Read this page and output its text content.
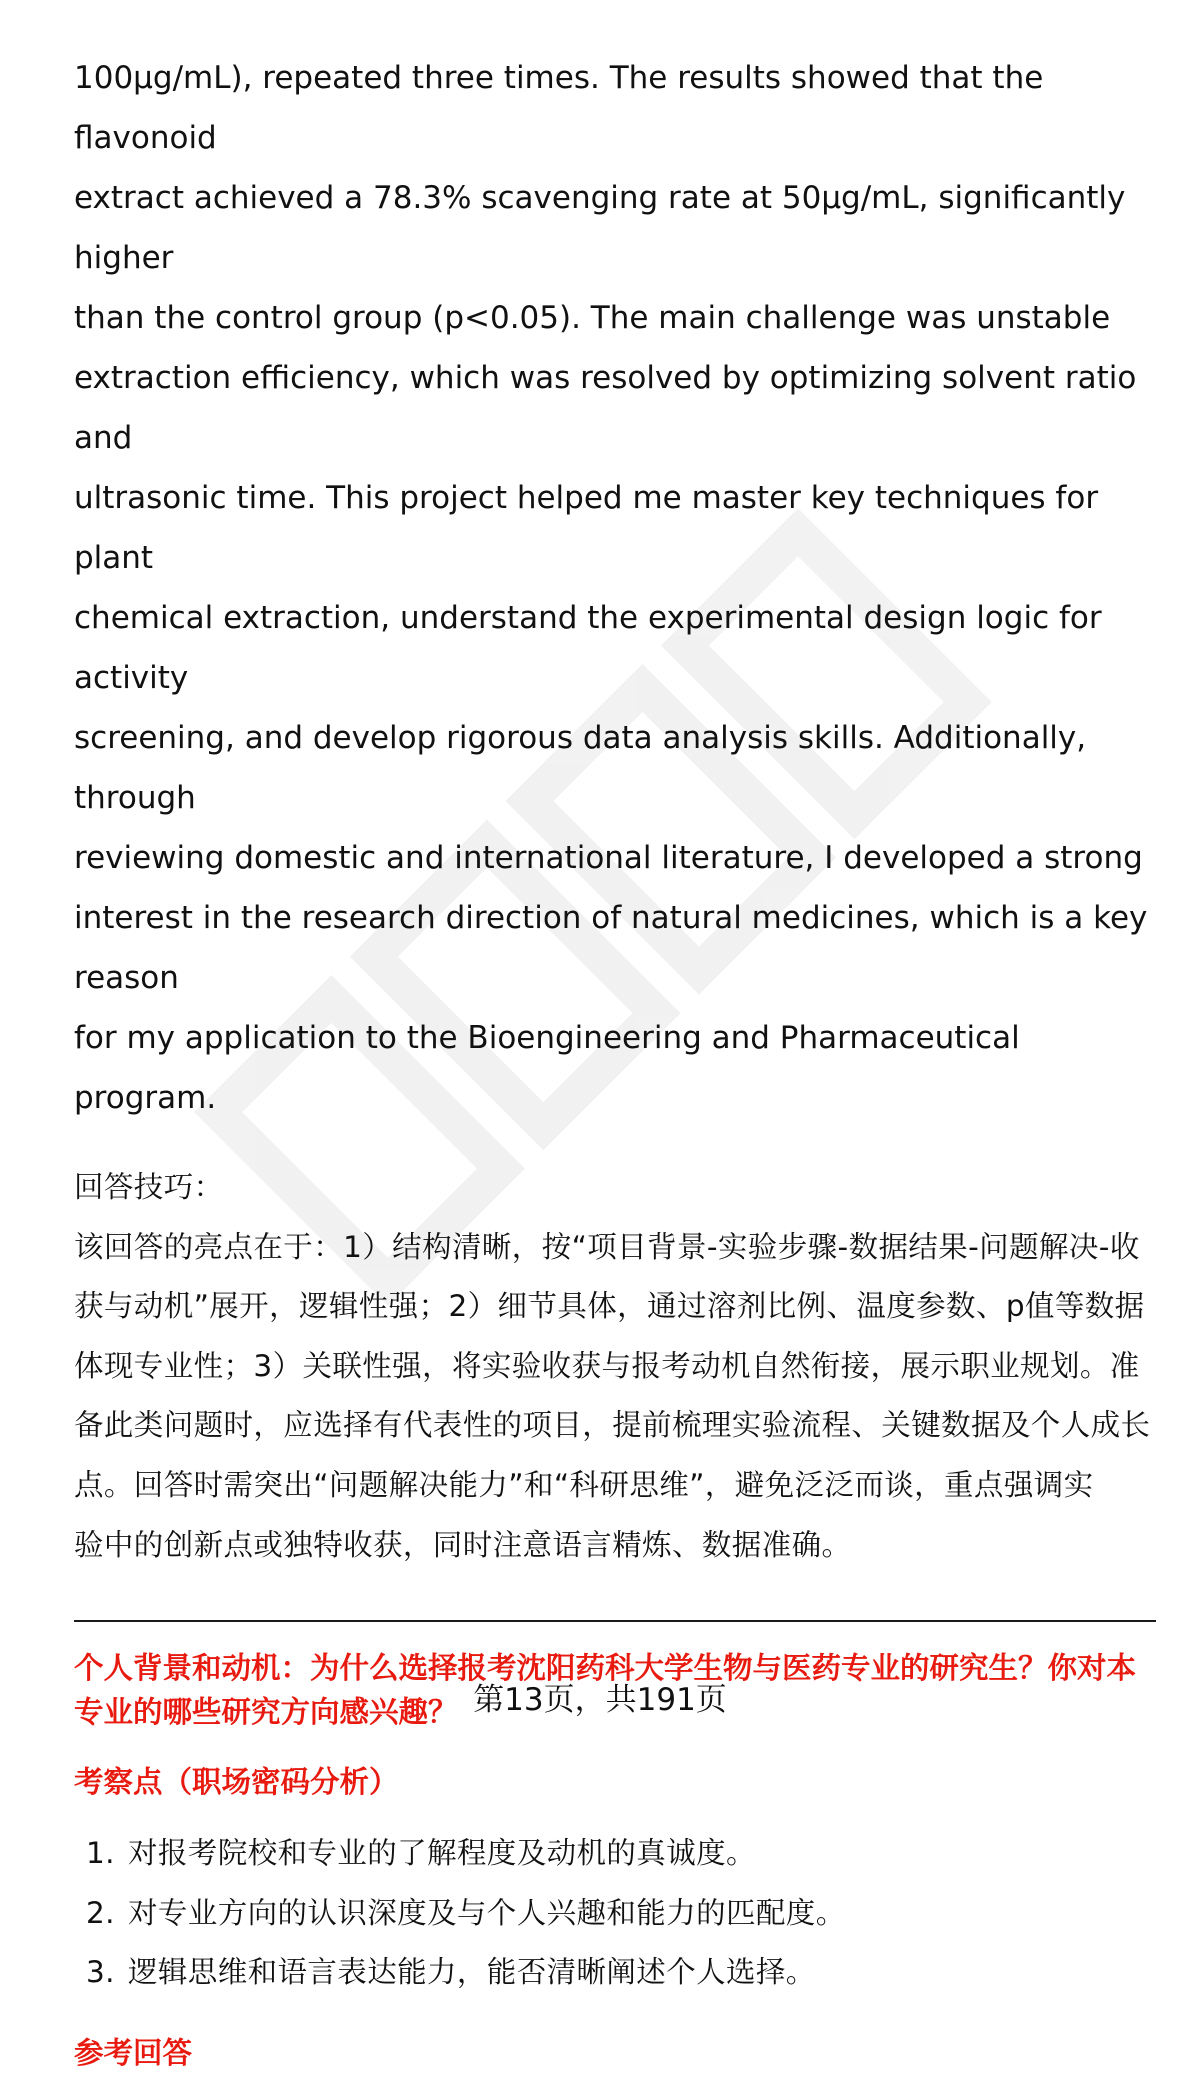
100μg/mL), repeated three times. The results showed that the flavonoid

extract achieved a 78.3% scavenging rate at 50μg/mL, significantly higher

than the control group (p<0.05). The main challenge was unstable

extraction efficiency, which was resolved by optimizing solvent ratio and

ultrasonic time. This project helped me master key techniques for plant

chemical extraction, understand the experimental design logic for activity

screening, and develop rigorous data analysis skills. Additionally, through

reviewing domestic and international literature, I developed a strong

interest in the research direction of natural medicines, which is a key reason

for my application to the Bioengineering and Pharmaceutical program.

回答技巧：

该回答的亮点在于：1）结构清晰，按“项目背景-实验步骤-数据结果-问题解决-收

获与动机”展开，逻辑性强；2）细节具体，通过溶剂比例、温度参数、p值等数据

体现专业性；3）关联性强，将实验收获与报考动机自然衔接，展示职业规划。准

备此类问题时，应选择有代表性的项目，提前梳理实验流程、关键数据及个人成长

点。回答时需突出“问题解决能力”和“科研思维”，避免泛泛而谈，重点强调实

验中的创新点或独特收获，同时注意语言精炼、数据准确。

个人背景和动机：为什么选择报考沈阳药科大学生物与医药专业的研究生？你对本
专业的哪些研究方向感兴趣？
考察点（职场密码分析）
1. 对报考院校和专业的了解程度及动机的真诚度。
2. 对专业方向的认识深度及与个人兴趣和能力的匹配度。
3. 逻辑思维和语言表达能力，能否清晰阐述个人选择。
参考回答
第13页，共191页
